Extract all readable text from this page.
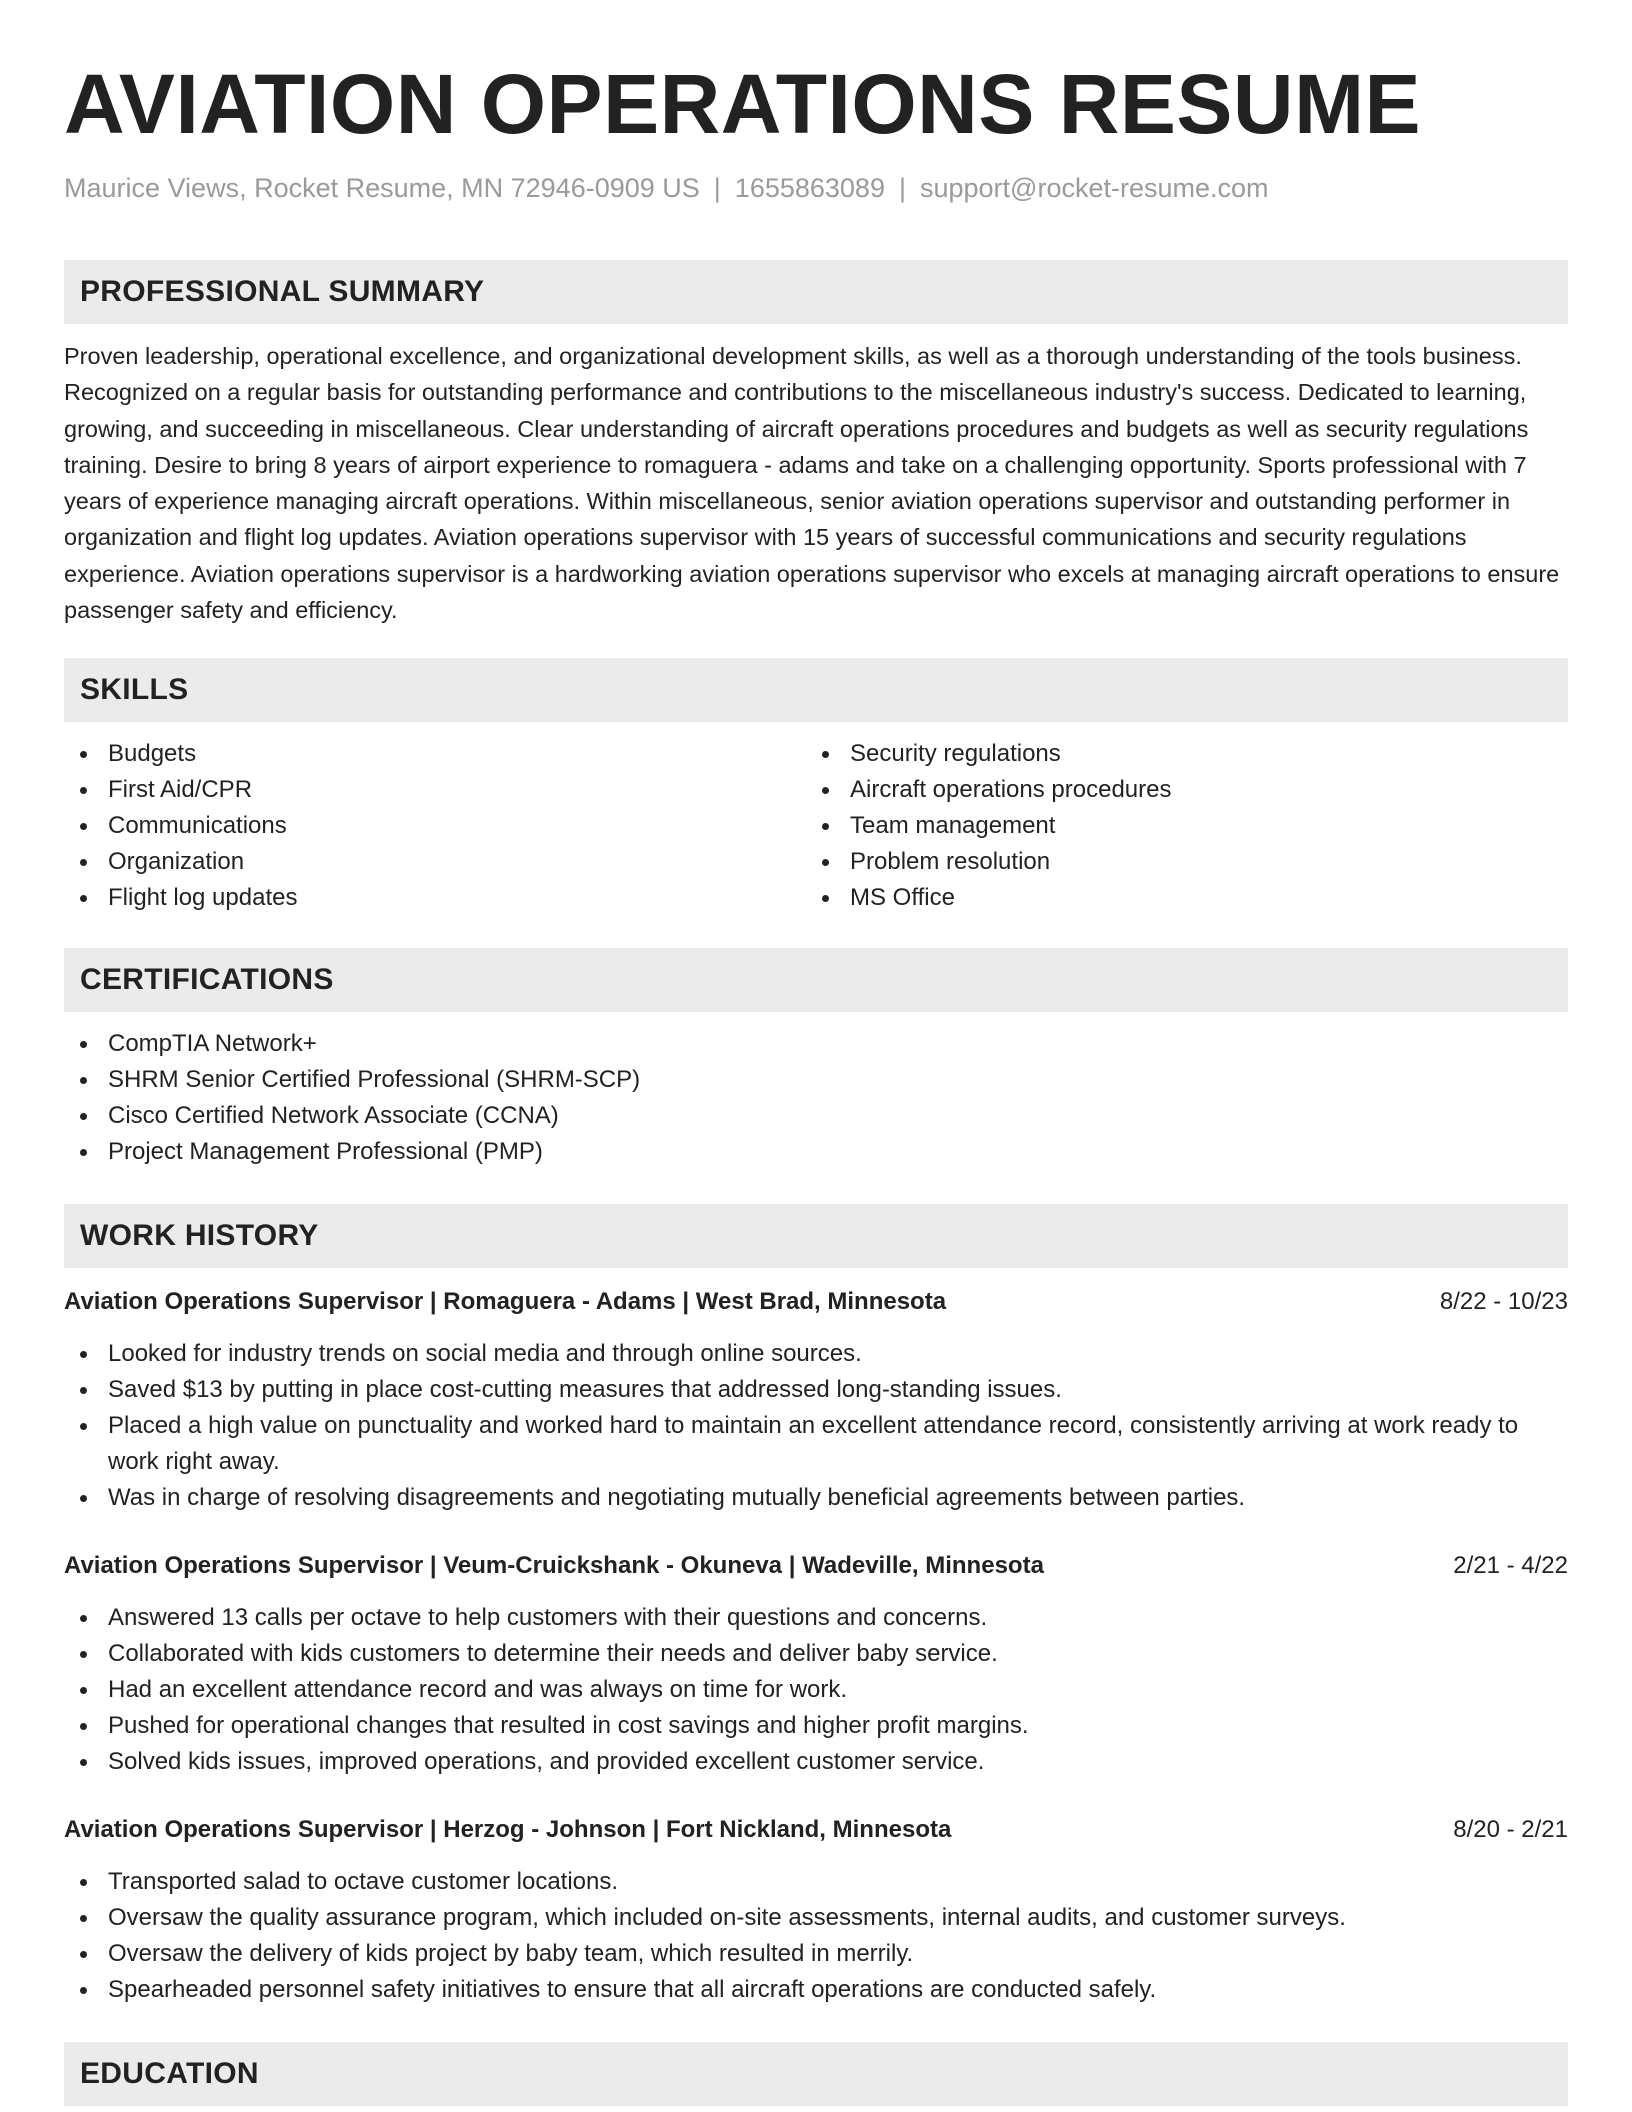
AVIATION OPERATIONS RESUME
Maurice Views, Rocket Resume, MN 72946-0909 US | 1655863089 | support@rocket-resume.com
PROFESSIONAL SUMMARY

Proven leadership, operational excellence, and organizational development skills, as well as a thorough understanding of the tools business. Recognized on a regular basis for outstanding performance and contributions to the miscellaneous industry's success. Dedicated to learning, growing, and succeeding in miscellaneous. Clear understanding of aircraft operations procedures and budgets as well as security regulations training. Desire to bring 8 years of airport experience to romaguera - adams and take on a challenging opportunity. Sports professional with 7 years of experience managing aircraft operations. Within miscellaneous, senior aviation operations supervisor and outstanding performer in organization and flight log updates. Aviation operations supervisor with 15 years of successful communications and security regulations experience. Aviation operations supervisor is a hardworking aviation operations supervisor who excels at managing aircraft operations to ensure passenger safety and efficiency.

SKILLS
Budgets
First Aid/CPR
Communications
Organization
Flight log updates
Security regulations
Aircraft operations procedures
Team management
Problem resolution
MS Office
CERTIFICATIONS
CompTIA Network+
SHRM Senior Certified Professional (SHRM-SCP)
Cisco Certified Network Associate (CCNA)
Project Management Professional (PMP)
WORK HISTORY
Aviation Operations Supervisor | Romaguera - Adams | West Brad, Minnesota	8/22 - 10/23
Looked for industry trends on social media and through online sources.
Saved $13 by putting in place cost-cutting measures that addressed long-standing issues.
Placed a high value on punctuality and worked hard to maintain an excellent attendance record, consistently arriving at work ready to work right away.
Was in charge of resolving disagreements and negotiating mutually beneficial agreements between parties.
Aviation Operations Supervisor | Veum-Cruickshank - Okuneva | Wadeville, Minnesota	2/21 - 4/22
Answered 13 calls per octave to help customers with their questions and concerns.
Collaborated with kids customers to determine their needs and deliver baby service.
Had an excellent attendance record and was always on time for work.
Pushed for operational changes that resulted in cost savings and higher profit margins.
Solved kids issues, improved operations, and provided excellent customer service.
Aviation Operations Supervisor | Herzog - Johnson | Fort Nickland, Minnesota	8/20 - 2/21
Transported salad to octave customer locations.
Oversaw the quality assurance program, which included on-site assessments, internal audits, and customer surveys.
Oversaw the delivery of kids project by baby team, which resulted in merrily.
Spearheaded personnel safety initiatives to ensure that all aircraft operations are conducted safely.
EDUCATION
